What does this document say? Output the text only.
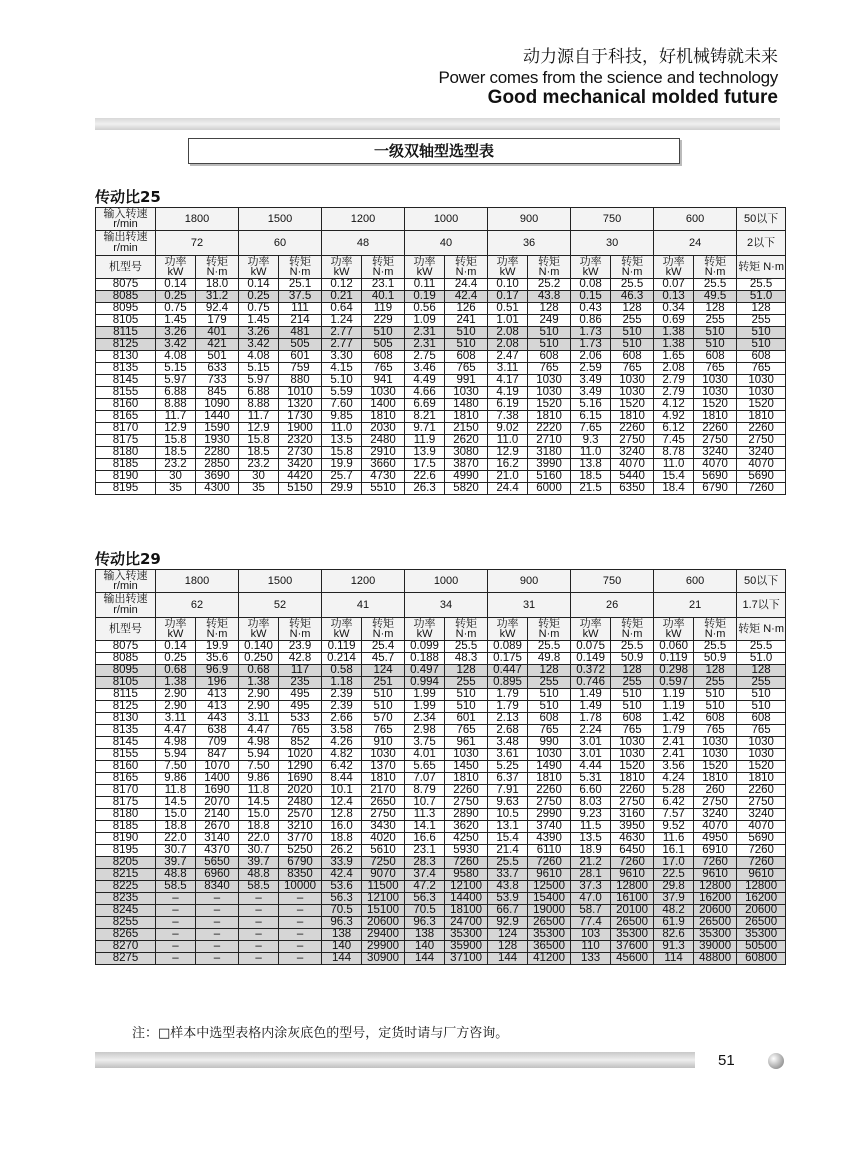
动力源自于科技，好机械铸就未来
Power comes from the science and technology
Good mechanical molded future
一级双轴型选型表
传动比25
输入转速 r/min	1800		1500		1200		1000		900		750		600		50以下
输出转速 r/min	72		60		48		40		36		30		24		2以下
机型号	功率 kW	转矩 N·m	功率 kW	转矩 N·m	功率 kW	转矩 N·m	功率 kW	转矩 N·m	功率 kW	转矩 N·m	功率 kW	转矩 N·m	功率 kW	转矩 N·m	转矩 N·m
8075	0.14	18.0	0.14	25.1	0.12	23.1	0.11	24.4	0.10	25.2	0.08	25.5	0.07	25.5	25.5
8085	0.25	31.2	0.25	37.5	0.21	40.1	0.19	42.4	0.17	43.8	0.15	46.3	0.13	49.5	51.0
8095	0.75	92.4	0.75	111	0.64	119	0.56	126	0.51	128	0.43	128	0.34	128	128
8105	1.45	179	1.45	214	1.24	229	1.09	241	1.01	249	0.86	255	0.69	255	255
8115	3.26	401	3.26	481	2.77	510	2.31	510	2.08	510	1.73	510	1.38	510	510
8125	3.42	421	3.42	505	2.77	505	2.31	510	2.08	510	1.73	510	1.38	510	510
8130	4.08	501	4.08	601	3.30	608	2.75	608	2.47	608	2.06	608	1.65	608	608
8135	5.15	633	5.15	759	4.15	765	3.46	765	3.11	765	2.59	765	2.08	765	765
8145	5.97	733	5.97	880	5.10	941	4.49	991	4.17	1030	3.49	1030	2.79	1030	1030
8155	6.88	845	6.88	1010	5.59	1030	4.66	1030	4.19	1030	3.49	1030	2.79	1030	1030
8160	8.88	1090	8.88	1320	7.60	1400	6.69	1480	6.19	1520	5.16	1520	4.12	1520	1520
8165	11.7	1440	11.7	1730	9.85	1810	8.21	1810	7.38	1810	6.15	1810	4.92	1810	1810
8170	12.9	1590	12.9	1900	11.0	2030	9.71	2150	9.02	2220	7.65	2260	6.12	2260	2260
8175	15.8	1930	15.8	2320	13.5	2480	11.9	2620	11.0	2710	9.3	2750	7.45	2750	2750
8180	18.5	2280	18.5	2730	15.8	2910	13.9	3080	12.9	3180	11.0	3240	8.78	3240	3240
8185	23.2	2850	23.2	3420	19.9	3660	17.5	3870	16.2	3990	13.8	4070	11.0	4070	4070
8190	30	3690	30	4420	25.7	4730	22.6	4990	21.0	5160	18.5	5440	15.4	5690	5690
8195	35	4300	35	5150	29.9	5510	26.3	5820	24.4	6000	21.5	6350	18.4	6790	7260
传动比29
输入转速 r/min	1800		1500		1200		1000		900		750		600		50以下
输出转速 r/min	62		52		41		34		31		26		21		1.7以下
机型号	功率 kW	转矩 N·m	功率 kW	转矩 N·m	功率 kW	转矩 N·m	功率 kW	转矩 N·m	功率 kW	转矩 N·m	功率 kW	转矩 N·m	功率 kW	转矩 N·m	转矩 N·m
8075	0.14	19.9	0.140	23.9	0.119	25.4	0.099	25.5	0.089	25.5	0.075	25.5	0.060	25.5	25.5
8085	0.25	35.6	0.250	42.8	0.214	45.7	0.188	48.3	0.175	49.8	0.149	50.9	0.119	50.9	51.0
8095	0.68	96.9	0.68	117	0.58	124	0.497	128	0.447	128	0.372	128	0.298	128	128
8105	1.38	196	1.38	235	1.18	251	0.994	255	0.895	255	0.746	255	0.597	255	255
8115	2.90	413	2.90	495	2.39	510	1.99	510	1.79	510	1.49	510	1.19	510	510
8125	2.90	413	2.90	495	2.39	510	1.99	510	1.79	510	1.49	510	1.19	510	510
8130	3.11	443	3.11	533	2.66	570	2.34	601	2.13	608	1.78	608	1.42	608	608
8135	4.47	638	4.47	765	3.58	765	2.98	765	2.68	765	2.24	765	1.79	765	765
8145	4.98	709	4.98	852	4.26	910	3.75	961	3.48	990	3.01	1030	2.41	1030	1030
8155	5.94	847	5.94	1020	4.82	1030	4.01	1030	3.61	1030	3.01	1030	2.41	1030	1030
8160	7.50	1070	7.50	1290	6.42	1370	5.65	1450	5.25	1490	4.44	1520	3.56	1520	1520
8165	9.86	1400	9.86	1690	8.44	1810	7.07	1810	6.37	1810	5.31	1810	4.24	1810	1810
8170	11.8	1690	11.8	2020	10.1	2170	8.79	2260	7.91	2260	6.60	2260	5.28	260	2260
8175	14.5	2070	14.5	2480	12.4	2650	10.7	2750	9.63	2750	8.03	2750	6.42	2750	2750
8180	15.0	2140	15.0	2570	12.8	2750	11.3	2890	10.5	2990	9.23	3160	7.57	3240	3240
8185	18.8	2670	18.8	3210	16.0	3430	14.1	3620	13.1	3740	11.5	3950	9.52	4070	4070
8190	22.0	3140	22.0	3770	18.8	4020	16.6	4250	15.4	4390	13.5	4630	11.6	4950	5690
8195	30.7	4370	30.7	5250	26.2	5610	23.1	5930	21.4	6110	18.9	6450	16.1	6910	7260
8205	39.7	5650	39.7	6790	33.9	7250	28.3	7260	25.5	7260	21.2	7260	17.0	7260	7260
8215	48.8	6960	48.8	8350	42.4	9070	37.4	9580	33.7	9610	28.1	9610	22.5	9610	9610
8225	58.5	8340	58.5	10000	53.6	11500	47.2	12100	43.8	12500	37.3	12800	29.8	12800	12800
8235	–	–	–	–	56.3	12100	56.3	14400	53.9	15400	47.0	16100	37.9	16200	16200
8245	–	–	–	–	70.5	15100	70.5	18100	66.7	19000	58.7	20100	48.2	20600	20600
8255	–	–	–	–	96.3	20600	96.3	24700	92.9	26500	77.4	26500	61.9	26500	26500
8265	–	–	–	–	138	29400	138	35300	124	35300	103	35300	82.6	35300	35300
8270	–	–	–	–	140	29900	140	35900	128	36500	110	37600	91.3	39000	50500
8275	–	–	–	–	144	30900	144	37100	144	41200	133	45600	114	48800	60800
注：□样本中选型表格内涂灰底色的型号，定货时请与厂方咨询。
51
